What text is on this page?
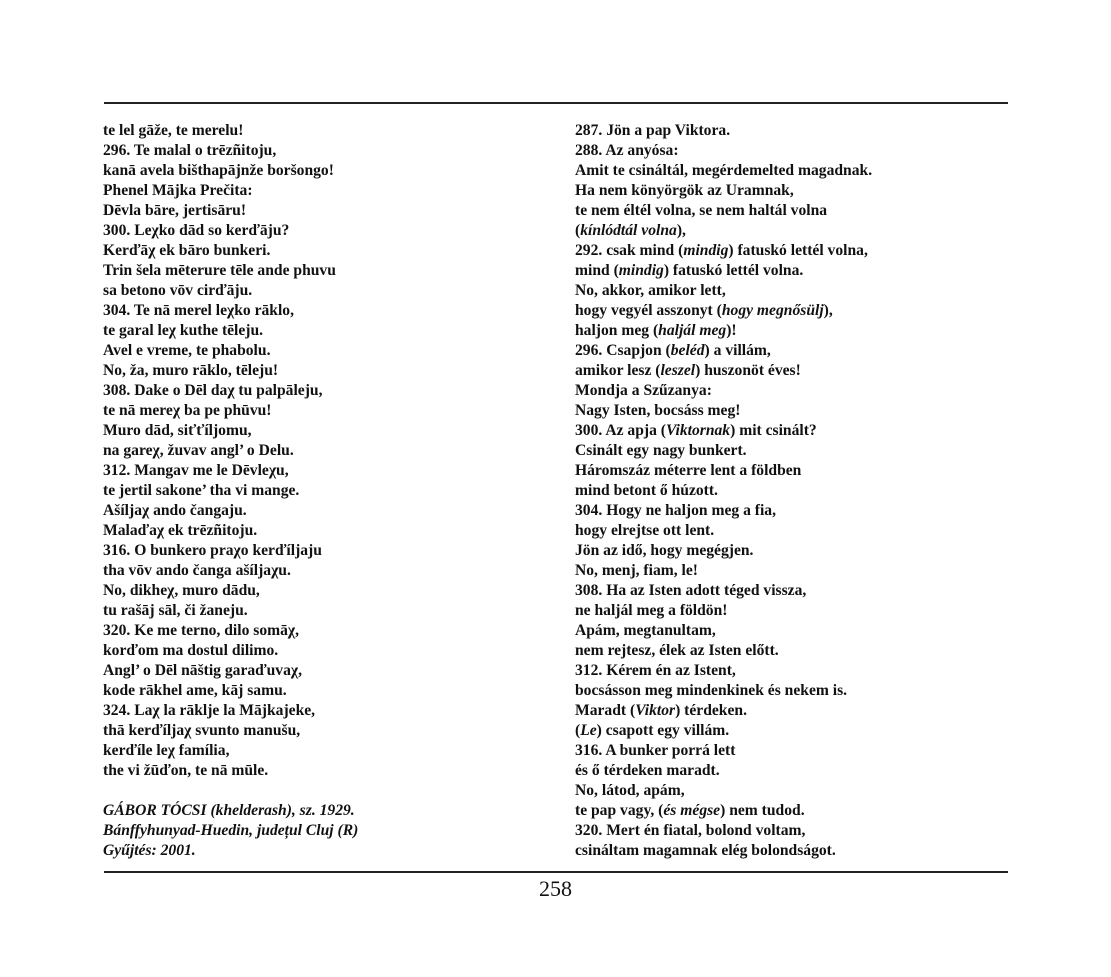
te lel gāže, te merelu!
296. Te malal o trēzñitoju,
kanā avela bišthapājnže boršongo!
Phenel Mājka Prečita:
Dēvla bāre, jertisāru!
300. Leχko dād so kerďāju?
Kerďāχ ek bāro bunkeri.
Trin šela mēterure tēle ande phuvu
sa betono vōv cirďāju.
304. Te nā merel leχko rāklo,
te garal leχ kuthe tēleju.
Avel e vreme, te phabolu.
No, ža, muro rāklo, tēleju!
308. Dake o Dēl daχ tu palpāleju,
te nā mereχ ba pe phūvu!
Muro dād, siťťíljomu,
na gareχ, žuvav angl’ o Delu.
312. Mangav me le Dēvleχu,
te jertil sakone’ tha vi mange.
Ašíljaχ ando čangaju.
Malaďaχ ek trēzñitoju.
316. O bunkero praχo kerďíljaju
tha vōv ando čanga ašíljaχu.
No, dikheχ, muro dādu,
tu rašāj sāl, či žaneju.
320. Ke me terno, dilo somāχ,
korďom ma dostul dilimo.
Angl’ o Dēl nāštig garaďuvaχ,
kode rākhel ame, kāj samu.
324. Laχ la rāklje la Mājkajeke,
thā kerďíljaχ svunto manušu,
kerďíle leχ família,
the vi žūďon, te nā mūle.
GÁBOR TÓCSI (khelderash), sz. 1929.
Bánffyhunyad-Huedin, județul Cluj (R)
Gyűjtés: 2001.
287. Jön a pap Viktora.
288. Az anyósa:
Amit te csináltál, megérdemelted magadnak.
Ha nem könyörgök az Uramnak,
te nem éltél volna, se nem haltál volna
(kínlódtál volna),
292. csak mind (mindig) fatuskó lettél volna,
mind (mindig) fatuskó lettél volna.
No, akkor, amikor lett,
hogy vegyél asszonyt (hogy megnősülj),
haljon meg (haljál meg)!
296. Csapjon (beléd) a villám,
amikor lesz (leszel) huszonöt éves!
Mondja a Szűzanya:
Nagy Isten, bocsáss meg!
300. Az apja (Viktornak) mit csinált?
Csinált egy nagy bunkert.
Háromszáz méterre lent a földben
mind betont ő húzott.
304. Hogy ne haljon meg a fia,
hogy elrejtse ott lent.
Jön az idő, hogy megégjen.
No, menj, fiam, le!
308. Ha az Isten adott téged vissza,
ne haljál meg a földön!
Apám, megtanultam,
nem rejtesz, élek az Isten előtt.
312. Kérem én az Istent,
bocsásson meg mindenkinek és nekem is.
Maradt (Viktor) térdeken.
(Le) csapott egy villám.
316. A bunker porrá lett
és ő térdeken maradt.
No, látod, apám,
te pap vagy, (és mégse) nem tudod.
320. Mert én fiatal, bolond voltam,
csináltam magamnak elég bolondságot.
258
